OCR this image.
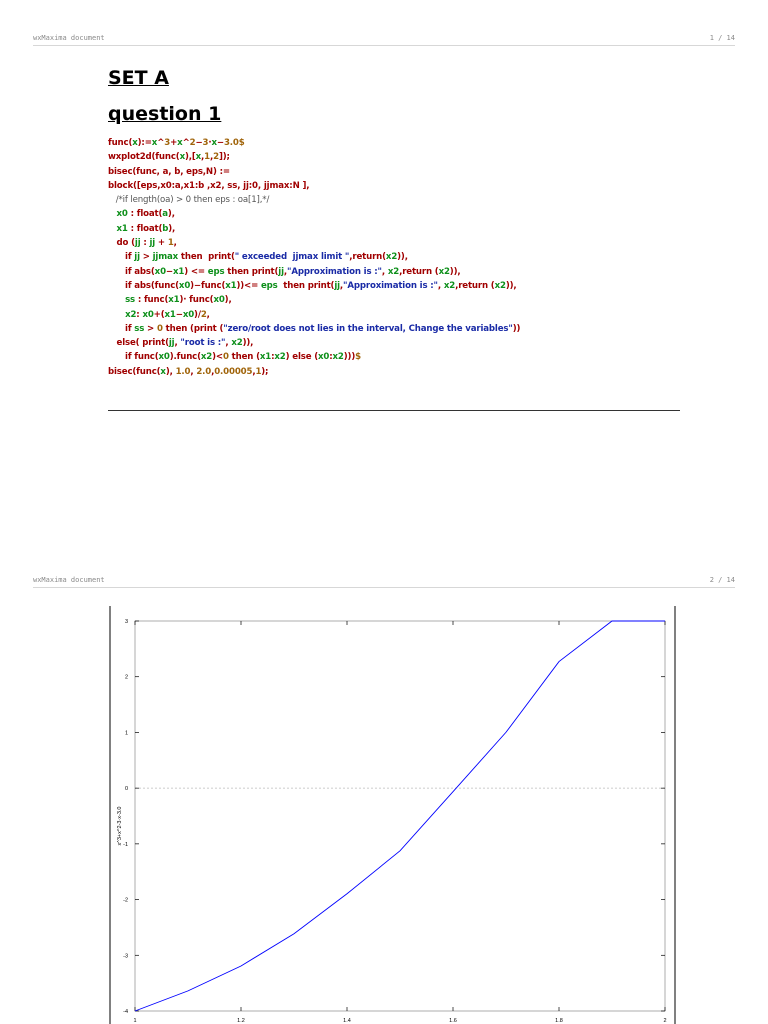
wxMaxima document	1 / 14
SET A
question 1
func(x):=x^3+x^2−3·x−3.0$
wxplot2d(func(x),[x,1,2]);
bisec(func, a, b, eps,N) :=
block([eps,x0:a,x1:b ,x2, ss, jj:0, jjmax:N ],
/*if length(oa) > 0 then eps : oa[1],*/
x0 : float(a),
x1 : float(b),
do (jj : jj + 1,
if jj > jjmax then  print(" exceeded  jjmax limit ",return(x2)),
if abs(x0−x1) <= eps then print(jj,"Approximation is :", x2,return (x2)),
if abs(func(x0)−func(x1))<= eps  then print(jj,"Approximation is :", x2,return (x2)),
ss : func(x1)· func(x0),
x2: x0+(x1−x0)/2,
if ss > 0 then (print ("zero/root does not lies in the interval, Change the variables"))
else( print(jj, "root is :", x2)),
if func(x0).func(x2)<0 then (x1:x2) else (x0:x2)))$
bisec(func(x), 1.0, 2.0,0.00005,1);
wxMaxima document	2 / 14
3
2
1
0
-1
-2
-3
-4
1	1.2	1.4	1.6	1.8	2
x^3+x^2-3·x-3.0
